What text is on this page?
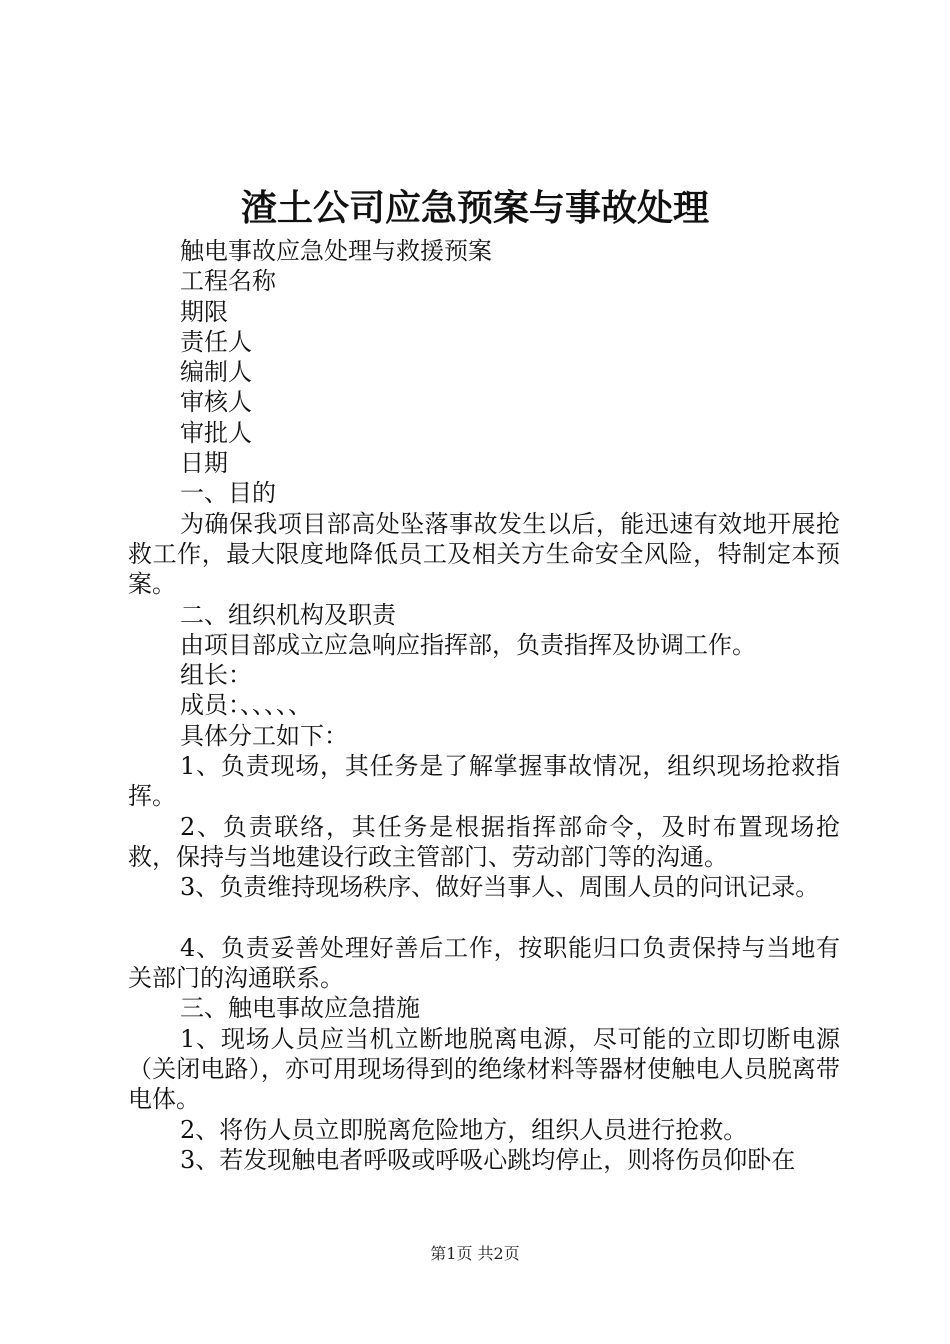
渣土公司应急预案与事故处理
触电事故应急处理与救援预案
工程名称
期限
责任人
编制人
审核人
审批人
日期
一、目的
为确保我项目部高处坠落事故发生以后，能迅速有效地开展抢救工作，最大限度地降低员工及相关方生命安全风险，特制定本预案。
二、组织机构及职责
由项目部成立应急响应指挥部，负责指挥及协调工作。
组长：
成员：、、、、、
具体分工如下：
1、负责现场，其任务是了解掌握事故情况，组织现场抢救指挥。
2、负责联络，其任务是根据指挥部命令，及时布置现场抢救，保持与当地建设行政主管部门、劳动部门等的沟通。
3、负责维持现场秩序、做好当事人、周围人员的问讯记录。
4、负责妥善处理好善后工作，按职能归口负责保持与当地有关部门的沟通联系。
三、触电事故应急措施
1、现场人员应当机立断地脱离电源，尽可能的立即切断电源（关闭电路），亦可用现场得到的绝缘材料等器材使触电人员脱离带电体。
2、将伤人员立即脱离危险地方，组织人员进行抢救。
3、若发现触电者呼吸或呼吸心跳均停止，则将伤员仰卧在
第1页 共2页
